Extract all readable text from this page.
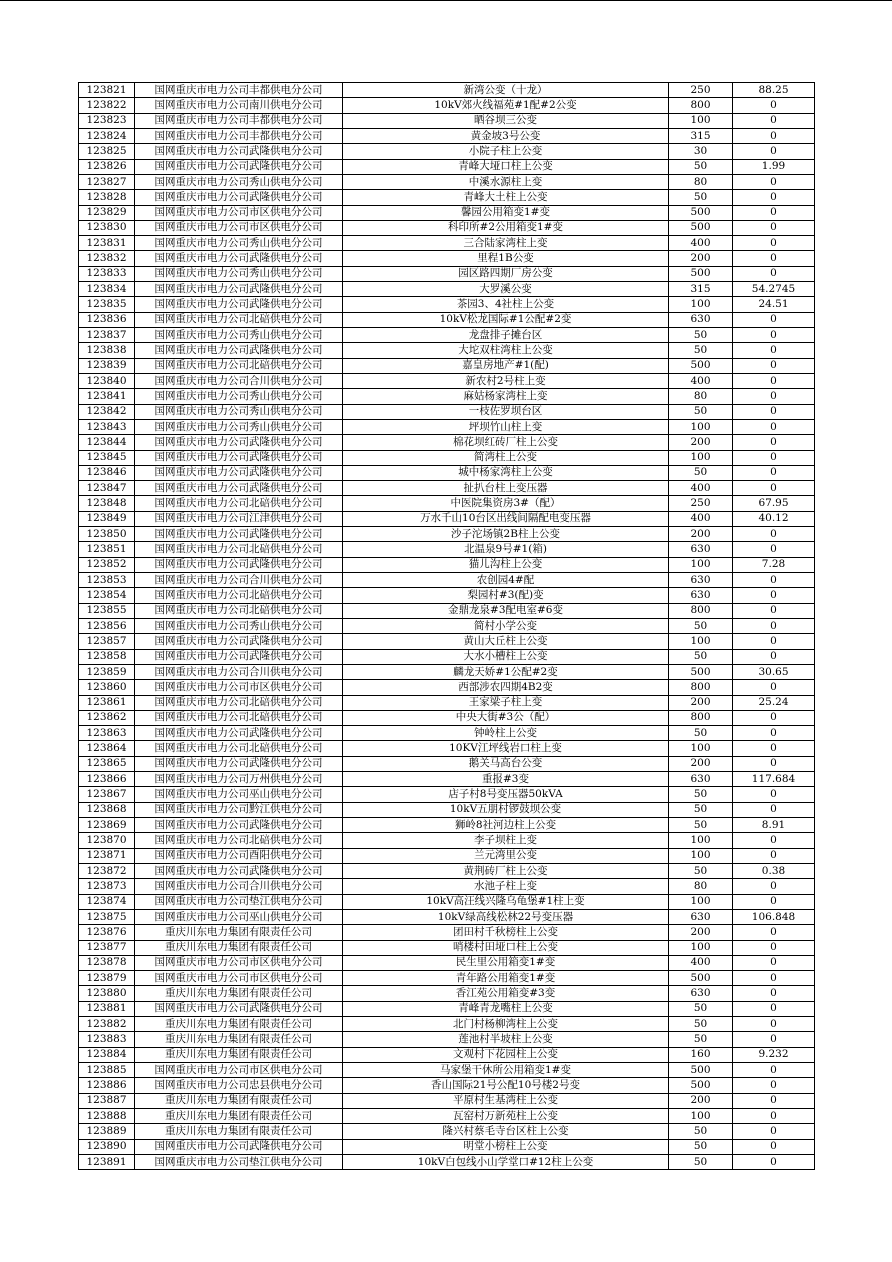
123821	国网重庆市电力公司丰都供电分公司	新湾公变（十龙）	250	88.25
123822	国网重庆市电力公司南川供电分公司	10kV郊火线福苑#1配#2公变	800	0
123823	国网重庆市电力公司丰都供电分公司	晒谷坝三公变	100	0
123824	国网重庆市电力公司丰都供电分公司	黄金坡3号公变	315	0
123825	国网重庆市电力公司武隆供电分公司	小院子柱上公变	30	0
123826	国网重庆市电力公司武隆供电分公司	青峰大垭口柱上公变	50	1.99
123827	国网重庆市电力公司秀山供电分公司	中溪水源柱上变	80	0
123828	国网重庆市电力公司武隆供电分公司	青峰大土柱上公变	50	0
123829	国网重庆市电力公司市区供电分公司	馨园公用箱变1#变	500	0
123830	国网重庆市电力公司市区供电分公司	科印所#2公用箱变1#变	500	0
123831	国网重庆市电力公司秀山供电分公司	三合陆家湾柱上变	400	0
123832	国网重庆市电力公司武隆供电分公司	里程1B公变	200	0
123833	国网重庆市电力公司秀山供电分公司	园区路四期厂房公变	500	0
123834	国网重庆市电力公司武隆供电分公司	大罗溪公变	315	54.2745
123835	国网重庆市电力公司武隆供电分公司	茶园3、4社柱上公变	100	24.51
123836	国网重庆市电力公司北碚供电分公司	10kV松龙国际#1公配#2变	630	0
123837	国网重庆市电力公司秀山供电分公司	龙盘排子摊台区	50	0
123838	国网重庆市电力公司武隆供电分公司	大坨双柱湾柱上公变	50	0
123839	国网重庆市电力公司北碚供电分公司	嘉皇房地产#1(配)	500	0
123840	国网重庆市电力公司合川供电分公司	新农村2号柱上变	400	0
123841	国网重庆市电力公司秀山供电分公司	麻姑杨家湾柱上变	80	0
123842	国网重庆市电力公司秀山供电分公司	一枝佐罗坝台区	50	0
123843	国网重庆市电力公司秀山供电分公司	坪坝竹山柱上变	100	0
123844	国网重庆市电力公司武隆供电分公司	棉花坝红砖厂柱上公变	200	0
123845	国网重庆市电力公司武隆供电分公司	简湾柱上公变	100	0
123846	国网重庆市电力公司武隆供电分公司	城中杨家湾柱上公变	50	0
123847	国网重庆市电力公司武隆供电分公司	扯扒台柱上变压器	400	0
123848	国网重庆市电力公司北碚供电分公司	中医院集资房3#（配）	250	67.95
123849	国网重庆市电力公司江津供电分公司	万水千山10台区出线间隔配电变压器	400	40.12
123850	国网重庆市电力公司武隆供电分公司	沙子沱场镇2B柱上公变	200	0
123851	国网重庆市电力公司北碚供电分公司	北温泉9号#1(箱)	630	0
123852	国网重庆市电力公司武隆供电分公司	猫儿沟柱上公变	100	7.28
123853	国网重庆市电力公司合川供电分公司	农创园4#配	630	0
123854	国网重庆市电力公司北碚供电分公司	梨园村#3(配)变	630	0
123855	国网重庆市电力公司北碚供电分公司	金鼎龙泉#3配电室#6变	800	0
123856	国网重庆市电力公司秀山供电分公司	简村小学公变	50	0
123857	国网重庆市电力公司武隆供电分公司	黄山大丘柱上公变	100	0
123858	国网重庆市电力公司武隆供电分公司	大水小槽柱上公变	50	0
123859	国网重庆市电力公司合川供电分公司	麟龙天娇#1公配#2变	500	30.65
123860	国网重庆市电力公司市区供电分公司	西部涉农四期4B2变	800	0
123861	国网重庆市电力公司北碚供电分公司	王家梁子柱上变	200	25.24
123862	国网重庆市电力公司北碚供电分公司	中央大街#3公（配）	800	0
123863	国网重庆市电力公司武隆供电分公司	钟岭柱上公变	50	0
123864	国网重庆市电力公司北碚供电分公司	10KV江坪线岩口柱上变	100	0
123865	国网重庆市电力公司武隆供电分公司	鹅关马高台公变	200	0
123866	国网重庆市电力公司万州供电分公司	重报#3变	630	117.684
123867	国网重庆市电力公司巫山供电分公司	店子村8号变压器50kVA	50	0
123868	国网重庆市电力公司黔江供电分公司	10kV五朋村锣鼓坝公变	50	0
123869	国网重庆市电力公司武隆供电分公司	狮岭8社河边柱上公变	50	8.91
123870	国网重庆市电力公司北碚供电分公司	李子坝柱上变	100	0
123871	国网重庆市电力公司酉阳供电分公司	兰元湾里公变	100	0
123872	国网重庆市电力公司武隆供电分公司	黄荆砖厂柱上公变	50	0.38
123873	国网重庆市电力公司合川供电分公司	水池子柱上变	80	0
123874	国网重庆市电力公司垫江供电分公司	10kV高汪线兴隆乌龟堡#1柱上变	100	0
123875	国网重庆市电力公司巫山供电分公司	10kV绿高线松林22号变压器	630	106.848
123876	重庆川东电力集团有限责任公司	团田村千秋榜柱上公变	200	0
123877	重庆川东电力集团有限责任公司	哨楼村田垭口柱上公变	100	0
123878	国网重庆市电力公司市区供电分公司	民生里公用箱变1#变	400	0
123879	国网重庆市电力公司市区供电分公司	青年路公用箱变1#变	500	0
123880	重庆川东电力集团有限责任公司	香江苑公用箱变#3变	630	0
123881	国网重庆市电力公司武隆供电分公司	青峰青龙嘴柱上公变	50	0
123882	重庆川东电力集团有限责任公司	北门村杨柳湾柱上公变	50	0
123883	重庆川东电力集团有限责任公司	莲池村半坡柱上公变	50	0
123884	重庆川东电力集团有限责任公司	文观村下花园柱上公变	160	9.232
123885	国网重庆市电力公司市区供电分公司	马家堡干休所公用箱变1#变	500	0
123886	国网重庆市电力公司忠县供电分公司	香山国际21号公配10号楼2号变	500	0
123887	重庆川东电力集团有限责任公司	平原村生基湾柱上公变	200	0
123888	重庆川东电力集团有限责任公司	瓦窑村万新苑柱上公变	100	0
123889	重庆川东电力集团有限责任公司	隆兴村蔡毛寺台区柱上公变	50	0
123890	国网重庆市电力公司武隆供电分公司	明堂小榜柱上公变	50	0
123891	国网重庆市电力公司垫江供电分公司	10kV白包线小山学堂口#12柱上公变	50	0
